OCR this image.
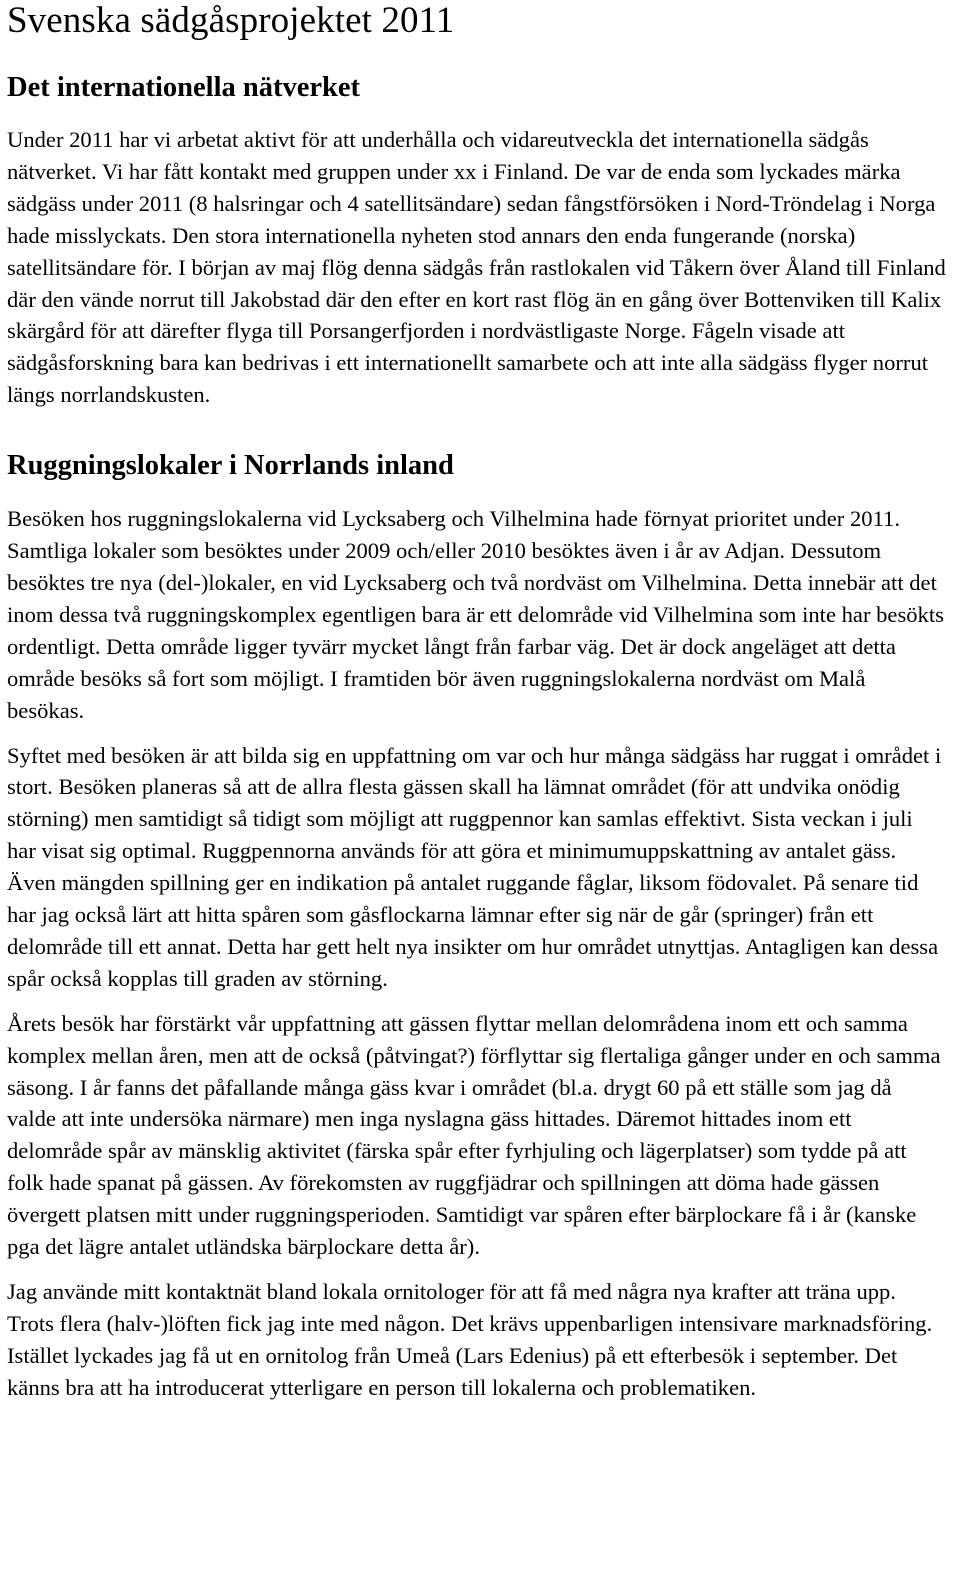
Svenska sädgåsprojektet 2011
Det internationella nätverket

Under 2011 har vi arbetat aktivt för att underhålla och vidareutveckla det internationella sädgås nätverket. Vi har fått kontakt med gruppen under xx i Finland. De var de enda som lyckades märka sädgäss under 2011 (8 halsringar och 4 satellitsändare) sedan fångstförsöken i Nord-Tröndelag i Norga hade misslyckats. Den stora internationella nyheten stod annars den enda fungerande (norska) satellitsändare för. I början av maj flög denna sädgås från rastlokalen vid Tåkern över Åland till Finland där den vände norrut till Jakobstad där den efter en kort rast flög än en gång över Bottenviken till Kalix skärgård för att därefter flyga till Porsangerfjorden i nordvästligaste Norge. Fågeln visade att sädgåsforskning bara kan bedrivas i ett internationellt samarbete och att inte alla sädgäss flyger norrut längs norrlandskusten.

Ruggningslokaler i Norrlands inland

Besöken hos ruggningslokalerna vid Lycksaberg och Vilhelmina hade förnyat prioritet under 2011. Samtliga lokaler som besöktes under 2009 och/eller 2010 besöktes även i år av Adjan. Dessutom besöktes tre nya (del-)lokaler, en vid Lycksaberg och två nordväst om Vilhelmina. Detta innebär att det inom dessa två ruggningskomplex egentligen bara är ett delområde vid Vilhelmina som inte har besökts ordentligt. Detta område ligger tyvärr mycket långt från farbar väg. Det är dock angeläget att detta område besöks så fort som möjligt. I framtiden bör även ruggningslokalerna nordväst om Malå besökas.

Syftet med besöken är att bilda sig en uppfattning om var och hur många sädgäss har ruggat i området i stort. Besöken planeras så att de allra flesta gässen skall ha lämnat området (för att undvika onödig störning) men samtidigt så tidigt som möjligt att ruggpennor kan samlas effektivt. Sista veckan i juli har visat sig optimal. Ruggpennorna används för att göra et minimumuppskattning av antalet gäss. Även mängden spillning ger en indikation på antalet ruggande fåglar, liksom födovalet. På senare tid har jag också lärt att hitta spåren som gåsflockarna lämnar efter sig när de går (springer) från ett delområde till ett annat. Detta har gett helt nya insikter om hur området utnyttjas. Antagligen kan dessa spår också kopplas till graden av störning.

Årets besök har förstärkt vår uppfattning att gässen flyttar mellan delområdena inom ett och samma komplex mellan åren, men att de också (påtvingat?) förflyttar sig flertaliga gånger under en och samma säsong. I år fanns det påfallande många gäss kvar i området (bl.a. drygt 60 på ett ställe som jag då valde att inte undersöka närmare) men inga nyslagna gäss hittades. Däremot hittades inom ett delområde spår av mänsklig aktivitet (färska spår efter fyrhjuling och lägerplatser) som tydde på att folk hade spanat på gässen. Av förekomsten av ruggfjädrar och spillningen att döma hade gässen övergett platsen mitt under ruggningsperioden. Samtidigt var spåren efter bärplockare få i år (kanske pga det lägre antalet utländska bärplockare detta år).

Jag använde mitt kontaktnät bland lokala ornitologer för att få med några nya krafter att träna upp. Trots flera (halv-)löften fick jag inte med någon. Det krävs uppenbarligen intensivare marknadsföring. Istället lyckades jag få ut en ornitolog från Umeå (Lars Edenius) på ett efterbesök i september. Det känns bra att ha introducerat ytterligare en person till lokalerna och problematiken.
